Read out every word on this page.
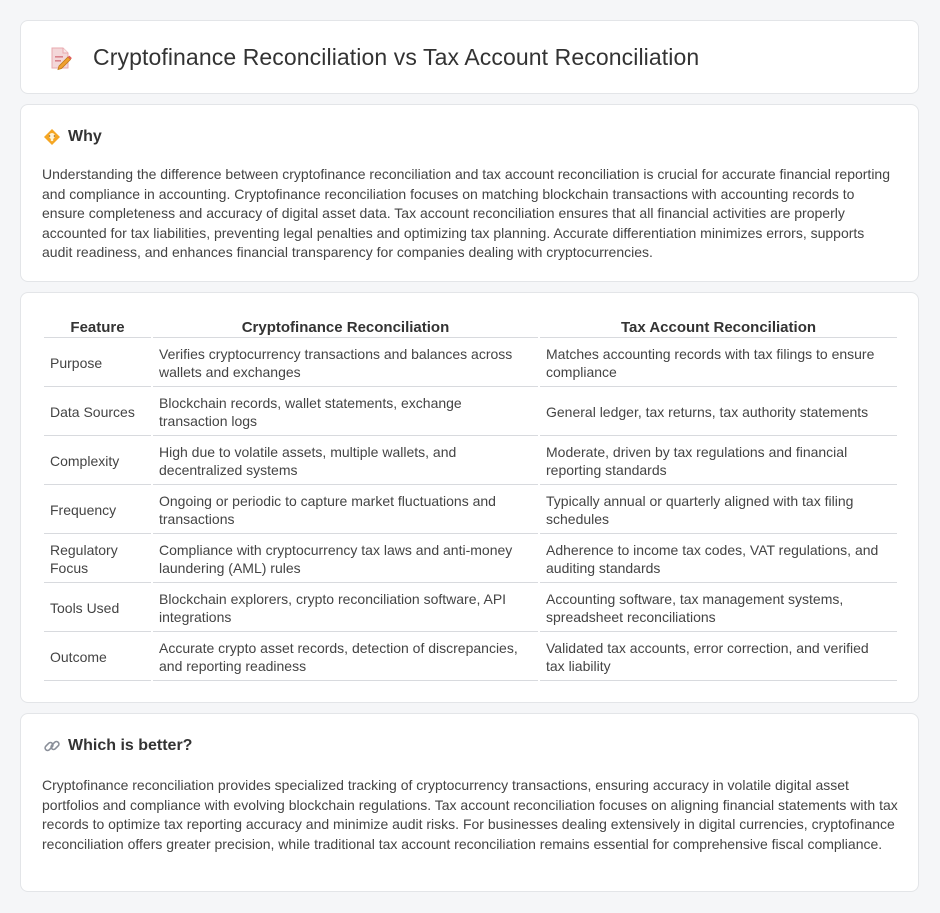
Cryptofinance Reconciliation vs Tax Account Reconciliation
Why

Understanding the difference between cryptofinance reconciliation and tax account reconciliation is crucial for accurate financial reporting and compliance in accounting. Cryptofinance reconciliation focuses on matching blockchain transactions with accounting records to ensure completeness and accuracy of digital asset data. Tax account reconciliation ensures that all financial activities are properly accounted for tax liabilities, preventing legal penalties and optimizing tax planning. Accurate differentiation minimizes errors, supports audit readiness, and enhances financial transparency for companies dealing with cryptocurrencies.

Feature	Cryptofinance Reconciliation	Tax Account Reconciliation
Purpose	Verifies cryptocurrency transactions and balances across wallets and exchanges	Matches accounting records with tax filings to ensure compliance
Data Sources	Blockchain records, wallet statements, exchange transaction logs	General ledger, tax returns, tax authority statements
Complexity	High due to volatile assets, multiple wallets, and decentralized systems	Moderate, driven by tax regulations and financial reporting standards
Frequency	Ongoing or periodic to capture market fluctuations and transactions	Typically annual or quarterly aligned with tax filing schedules
Regulatory Focus	Compliance with cryptocurrency tax laws and anti-money laundering (AML) rules	Adherence to income tax codes, VAT regulations, and auditing standards
Tools Used	Blockchain explorers, crypto reconciliation software, API integrations	Accounting software, tax management systems, spreadsheet reconciliations
Outcome	Accurate crypto asset records, detection of discrepancies, and reporting readiness	Validated tax accounts, error correction, and verified tax liability
Which is better?

Cryptofinance reconciliation provides specialized tracking of cryptocurrency transactions, ensuring accuracy in volatile digital asset portfolios and compliance with evolving blockchain regulations. Tax account reconciliation focuses on aligning financial statements with tax records to optimize tax reporting accuracy and minimize audit risks. For businesses dealing extensively in digital currencies, cryptofinance reconciliation offers greater precision, while traditional tax account reconciliation remains essential for comprehensive fiscal compliance.
